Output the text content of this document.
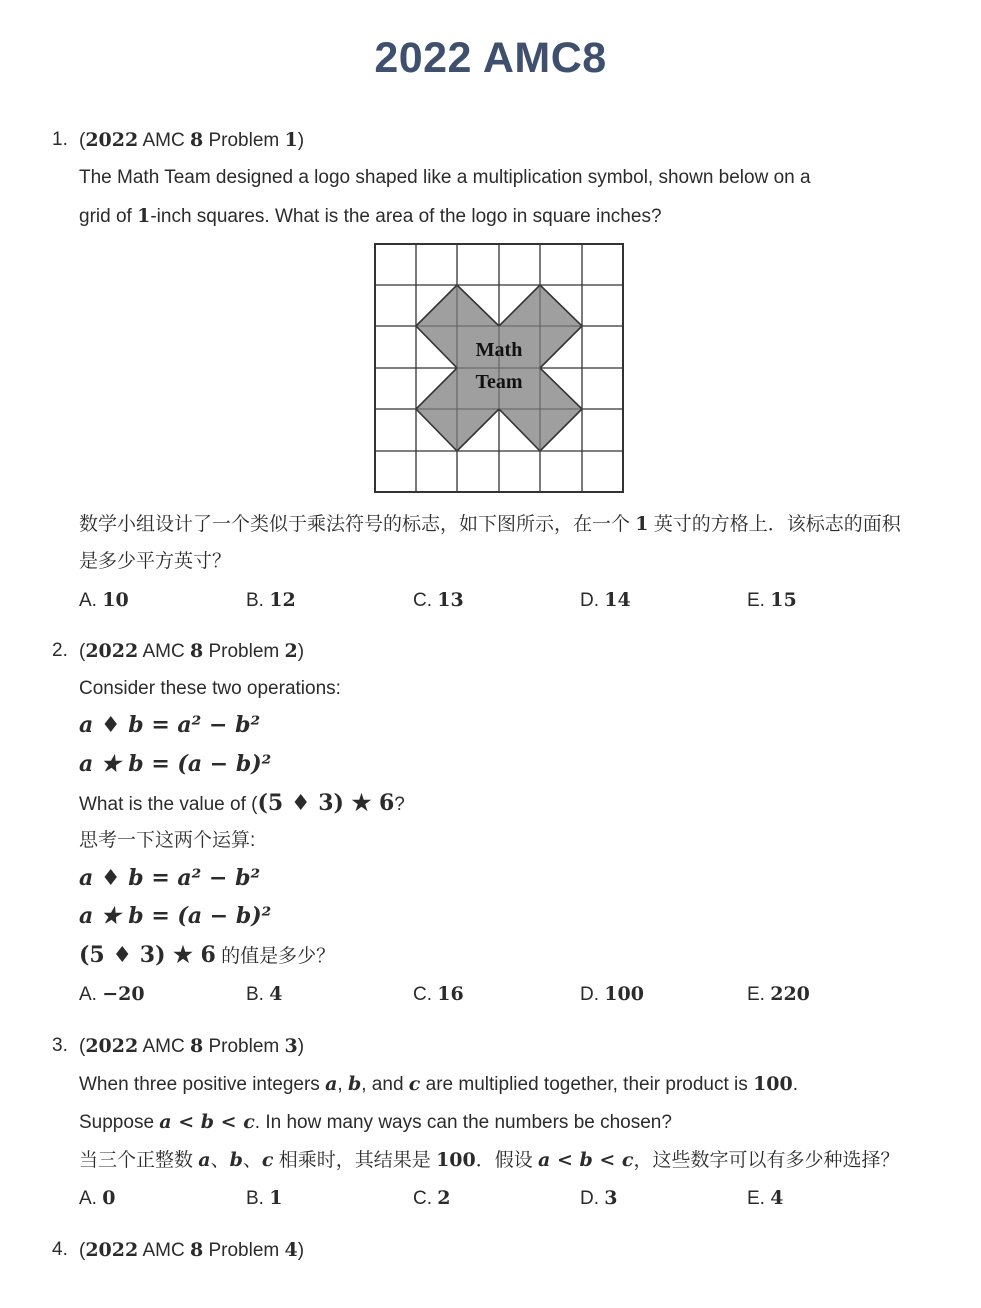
2022 AMC8
1. (2022 AMC 8 Problem 1)
The Math Team designed a logo shaped like a multiplication symbol, shown below on a
grid of 1-inch squares. What is the area of the logo in square inches?
Math
Team
数学小组设计了一个类似于乘法符号的标志，如下图所示，在一个 1 英寸的方格上．该标志的面积
是多少平方英寸？
A. 10	B. 12	C. 13	D. 14	E. 15
2. (2022 AMC 8 Problem 2)
Consider these two operations:
a ♦ b = a² − b²
a ★ b = (a − b)²
What is the value of ((5 ♦ 3) ★ 6?
思考一下这两个运算:
a ♦ b = a² − b²
a ★ b = (a − b)²
(5 ♦ 3) ★ 6 的值是多少？
A. −20	B. 4	C. 16	D. 100	E. 220
3. (2022 AMC 8 Problem 3)
When three positive integers a, b, and c are multiplied together, their product is 100.
Suppose a < b < c. In how many ways can the numbers be chosen?
当三个正整数 a、b、c 相乘时，其结果是 100．假设 a < b < c，这些数字可以有多少种选择？
A. 0	B. 1	C. 2	D. 3	E. 4
4. (2022 AMC 8 Problem 4)
